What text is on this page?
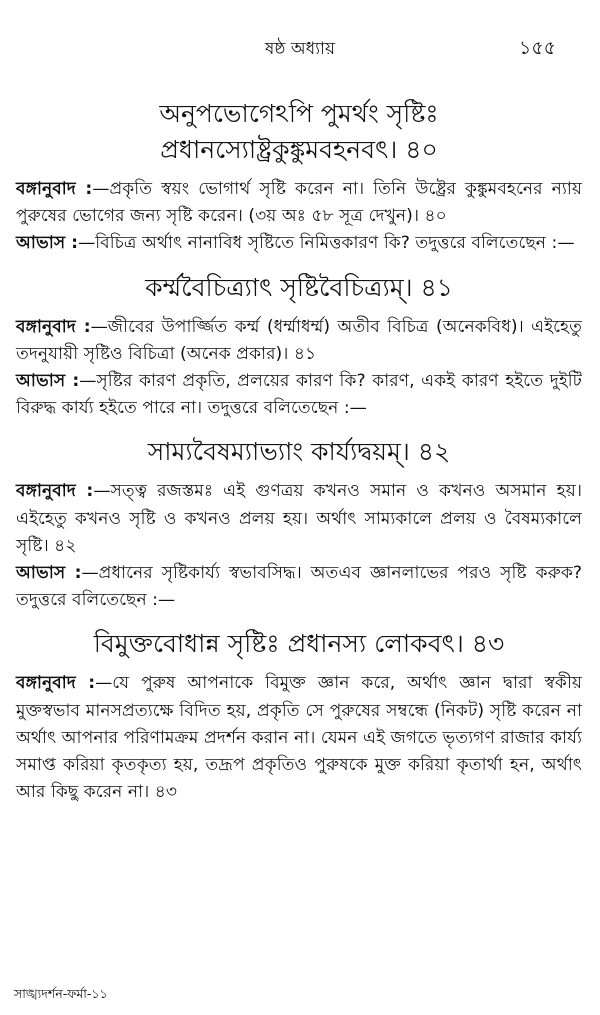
ষষ্ঠ অধ্যায়	১৫৫

অনুপভোগেঽপি পুমর্থং সৃষ্টিঃ

প্রধানস্যোষ্ট্রকুঙ্কুমবহনবৎ। ৪০

বঙ্গানুবাদ :—প্রকৃতি স্বয়ং ভোগার্থ সৃষ্টি করেন না। তিনি উষ্ট্রের কুঙ্কুমবহনের ন্যায় পুরুষের ভোগের জন্য সৃষ্টি করেন। (৩য় অঃ ৫৮ সূত্র দেখুন)। ৪০

আভাস :—বিচিত্র অর্থাৎ নানাবিধ সৃষ্টিতে নিমিত্তকারণ কি? তদুত্তরে বলিতেছেন :—

কর্ম্মবৈচিত্র্যাৎ সৃষ্টিবৈচিত্র্যম্। ৪১

বঙ্গানুবাদ :—জীবের উপার্জ্জিত কর্ম্ম (ধর্ম্মাধর্ম্ম) অতীব বিচিত্র (অনেকবিধ)। এইহেতু তদনুযায়ী সৃষ্টিও বিচিত্রা (অনেক প্রকার)। ৪১

আভাস :—সৃষ্টির কারণ প্রকৃতি, প্রলয়ের কারণ কি? কারণ, একই কারণ হইতে দুইটি বিরুদ্ধ কার্য্য হইতে পারে না। তদুত্তরে বলিতেছেন :—

সাম্যবৈষম্যাভ্যাং কার্য্যদ্বয়ম্। ৪২

বঙ্গানুবাদ :—সত্ত্ব রজস্তমঃ এই গুণত্রয় কখনও সমান ও কখনও অসমান হয়। এইহেতু কখনও সৃষ্টি ও কখনও প্রলয় হয়। অর্থাৎ সাম্যকালে প্রলয় ও বৈষম্যকালে সৃষ্টি। ৪২

আভাস :—প্রধানের সৃষ্টিকার্য্য স্বভাবসিদ্ধ। অতএব জ্ঞানলাভের পরও সৃষ্টি করুক? তদুত্তরে বলিতেছেন :—

বিমুক্তবোধান্ন সৃষ্টিঃ প্রধানস্য লোকবৎ। ৪৩

বঙ্গানুবাদ :—যে পুরুষ আপনাকে বিমুক্ত জ্ঞান করে, অর্থাৎ জ্ঞান দ্বারা স্বকীয় মুক্তস্বভাব মানসপ্রত্যক্ষে বিদিত হয়, প্রকৃতি সে পুরুষের সম্বন্ধে (নিকট) সৃষ্টি করেন না অর্থাৎ আপনার পরিণামক্রম প্রদর্শন করান না। যেমন এই জগতে ভৃত্যগণ রাজার কার্য্য সমাপ্ত করিয়া কৃতকৃত্য হয়, তদ্রূপ প্রকৃতিও পুরুষকে মুক্ত করিয়া কৃতার্থা হন, অর্থাৎ আর কিছু করেন না। ৪৩

সাঙ্খ্যদর্শন-ফর্মা-১১
